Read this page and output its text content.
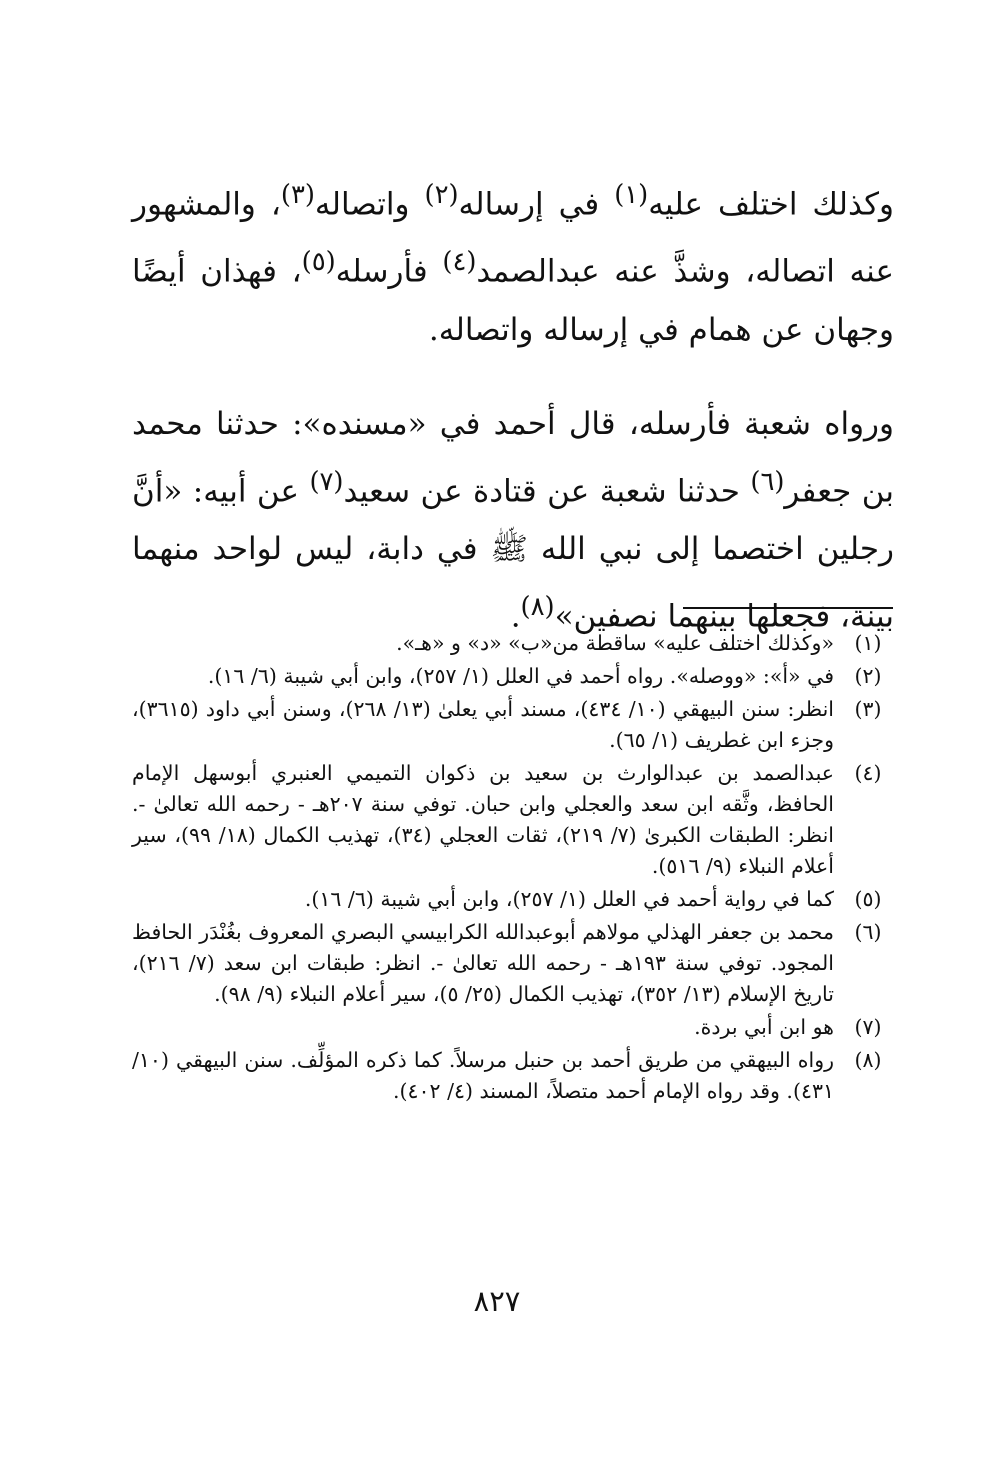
وكذلك اختلف عليه$^{(١)}$ في إرساله$^{(٢)}$ واتصاله$^{(٣)}$، والمشهور عنه اتصاله، وشذَّ عنه عبدالصمد$^{(٤)}$ فأرسله$^{(٥)}$، فهذان أيضًا وجهان عن همام في إرساله واتصاله.

ورواه شعبة فأرسله، قال أحمد في «مسنده»: حدثنا محمد بن جعفر$^{(٦)}$ حدثنا شعبة عن قتادة عن سعيد$^{(٧)}$ عن أبيه: «أنَّ رجلين اختصما إلى نبي الله ﷺ في دابة، ليس لواحد منهما بينة، فجعلها بينهما نصفين»$^{(٨)}$.

(١)
«وكذلك اختلف عليه» ساقطة من«ب» «د» و «هـ».
(٢)
في «أ»: «ووصله». رواه أحمد في العلل (١/ ٢٥٧)، وابن أبي شيبة (٦/ ١٦).
(٣)
انظر: سنن البيهقي (١٠/ ٤٣٤)، مسند أبي يعلىٰ (١٣/ ٢٦٨)، وسنن أبي داود (٣٦١٥)، وجزء ابن غطريف (١/ ٦٥).
(٤)
عبدالصمد بن عبدالوارث بن سعيد بن ذكوان التميمي العنبري أبوسهل الإمام الحافظ، وثَّقه ابن سعد والعجلي وابن حبان. توفي سنة ٢٠٧هـ - رحمه الله تعالىٰ -. انظر: الطبقات الكبرىٰ (٧/ ٢١٩)، ثقات العجلي (٣٤)، تهذيب الكمال (١٨/ ٩٩)، سير أعلام النبلاء (٩/ ٥١٦).
(٥)
كما في رواية أحمد في العلل (١/ ٢٥٧)، وابن أبي شيبة (٦/ ١٦).
(٦)
محمد بن جعفر الهذلي مولاهم أبوعبدالله الكرابيسي البصري المعروف بغُنْدَر الحافظ المجود. توفي سنة ١٩٣هـ - رحمه الله تعالىٰ -. انظر: طبقات ابن سعد (٧/ ٢١٦)، تاريخ الإسلام (١٣/ ٣٥٢)، تهذيب الكمال (٢٥/ ٥)، سير أعلام النبلاء (٩/ ٩٨).
(٧)
هو ابن أبي بردة.
(٨)
رواه البيهقي من طريق أحمد بن حنبل مرسلاً. كما ذكره المؤلِّف. سنن البيهقي (١٠/ ٤٣١). وقد رواه الإمام أحمد متصلاً، المسند (٤/ ٤٠٢).
٨٢٧
